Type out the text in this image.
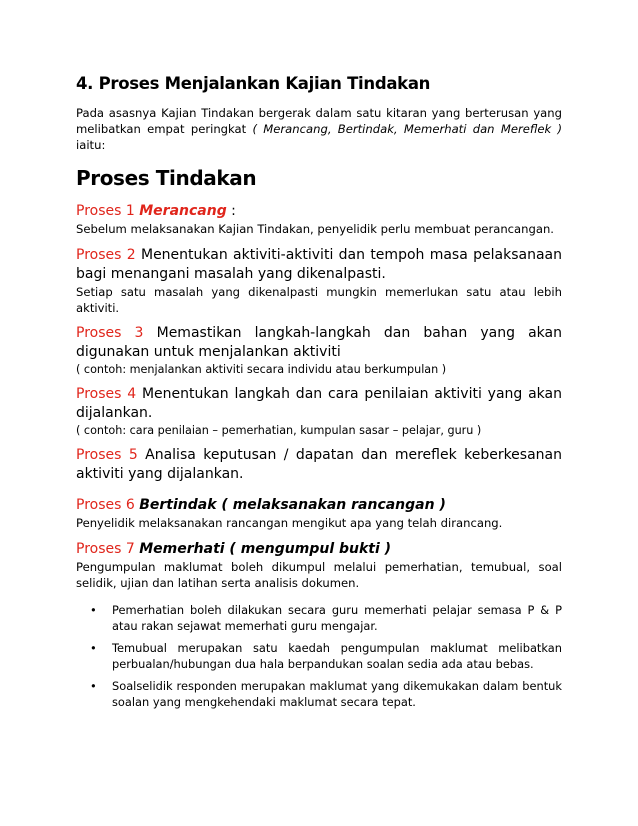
4. Proses Menjalankan Kajian Tindakan

Pada asasnya Kajian Tindakan bergerak dalam satu kitaran yang berterusan yang melibatkan empat peringkat ( Merancang, Bertindak, Memerhati dan Mereflek ) iaitu:

Proses Tindakan

Proses 1 Merancang :

Sebelum melaksanakan Kajian Tindakan, penyelidik perlu membuat perancangan.

Proses 2 Menentukan aktiviti-aktiviti dan tempoh masa pelaksanaan bagi menangani masalah yang dikenalpasti.

Setiap satu masalah yang dikenalpasti mungkin memerlukan satu atau lebih aktiviti.

Proses 3 Memastikan langkah-langkah dan bahan yang akan digunakan untuk menjalankan aktiviti

( contoh: menjalankan aktiviti secara individu atau berkumpulan )

Proses 4 Menentukan langkah dan cara penilaian aktiviti yang akan dijalankan.

( contoh: cara penilaian – pemerhatian, kumpulan sasar – pelajar, guru )

Proses 5 Analisa keputusan / dapatan dan mereflek keberkesanan aktiviti yang dijalankan.

Proses 6 Bertindak ( melaksanakan rancangan )

Penyelidik melaksanakan rancangan mengikut apa yang telah dirancang.

Proses 7 Memerhati ( mengumpul bukti )

Pengumpulan maklumat boleh dikumpul melalui pemerhatian, temubual, soal selidik, ujian dan latihan serta analisis dokumen.

• Pemerhatian boleh dilakukan secara guru memerhati pelajar semasa P & P atau rakan sejawat memerhati guru mengajar.
• Temubual merupakan satu kaedah pengumpulan maklumat melibatkan perbualan/hubungan dua hala berpandukan soalan sedia ada atau bebas.
• Soalselidik responden merupakan maklumat yang dikemukakan dalam bentuk soalan yang mengkehendaki maklumat secara tepat.
